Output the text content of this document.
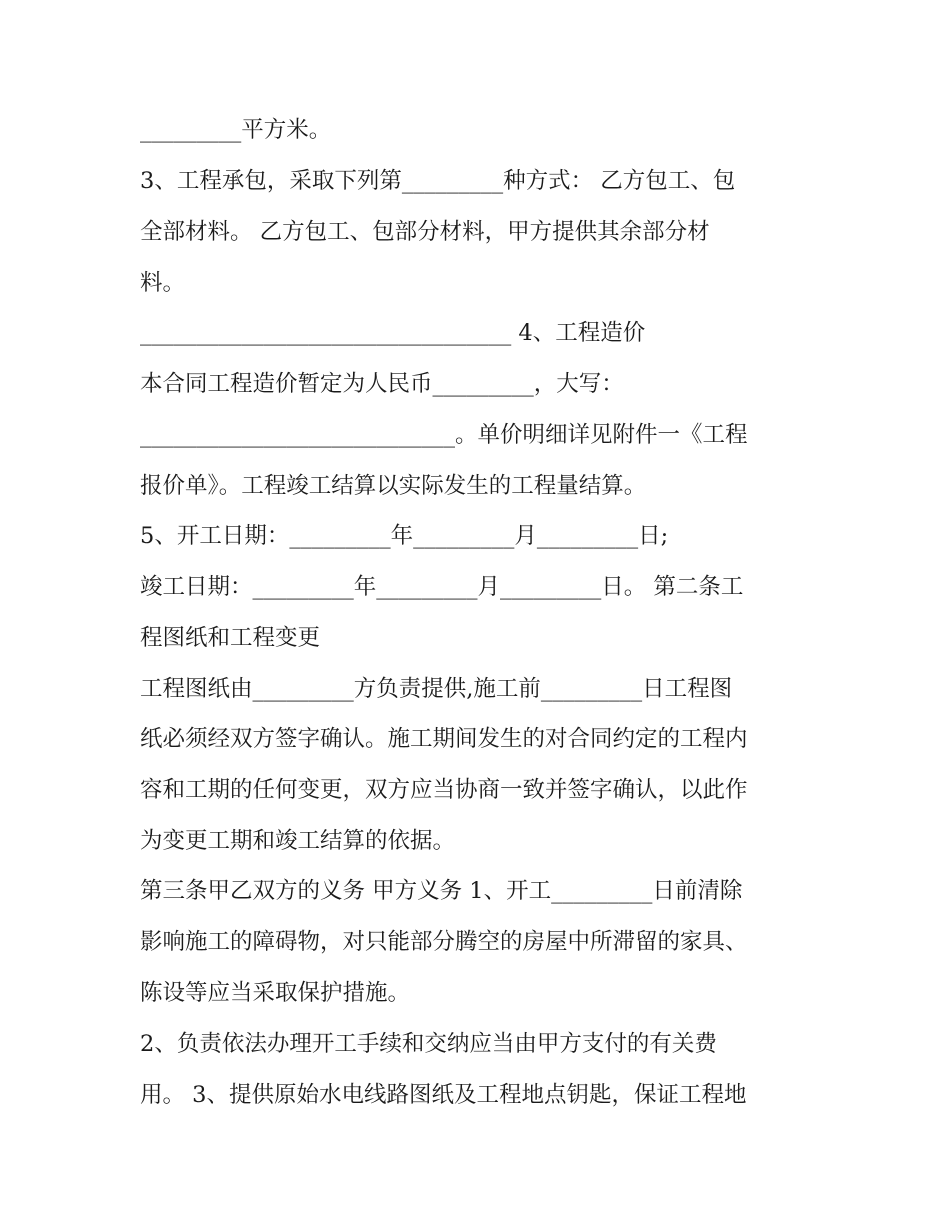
_________平方米。

3、工程承包，采取下列第_________种方式： 乙方包工、包

全部材料。 乙方包工、包部分材料，甲方提供其余部分材

料。

_________________________________ 4、工程造价

本合同工程造价暂定为人民币_________，大写：

____________________________。单价明细详见附件一《工程

报价单》。工程竣工结算以实际发生的工程量结算。

5、开工日期：_________年_________月_________日;

竣工日期：_________年_________月_________日。 第二条工

程图纸和工程变更

工程图纸由_________方负责提供,施工前_________日工程图

纸必须经双方签字确认。施工期间发生的对合同约定的工程内

容和工期的任何变更，双方应当协商一致并签字确认，以此作

为变更工期和竣工结算的依据。

第三条甲乙双方的义务 甲方义务 1、开工_________日前清除

影响施工的障碍物，对只能部分腾空的房屋中所滞留的家具、

陈设等应当采取保护措施。

2、负责依法办理开工手续和交纳应当由甲方支付的有关费

用。 3、提供原始水电线路图纸及工程地点钥匙，保证工程地
